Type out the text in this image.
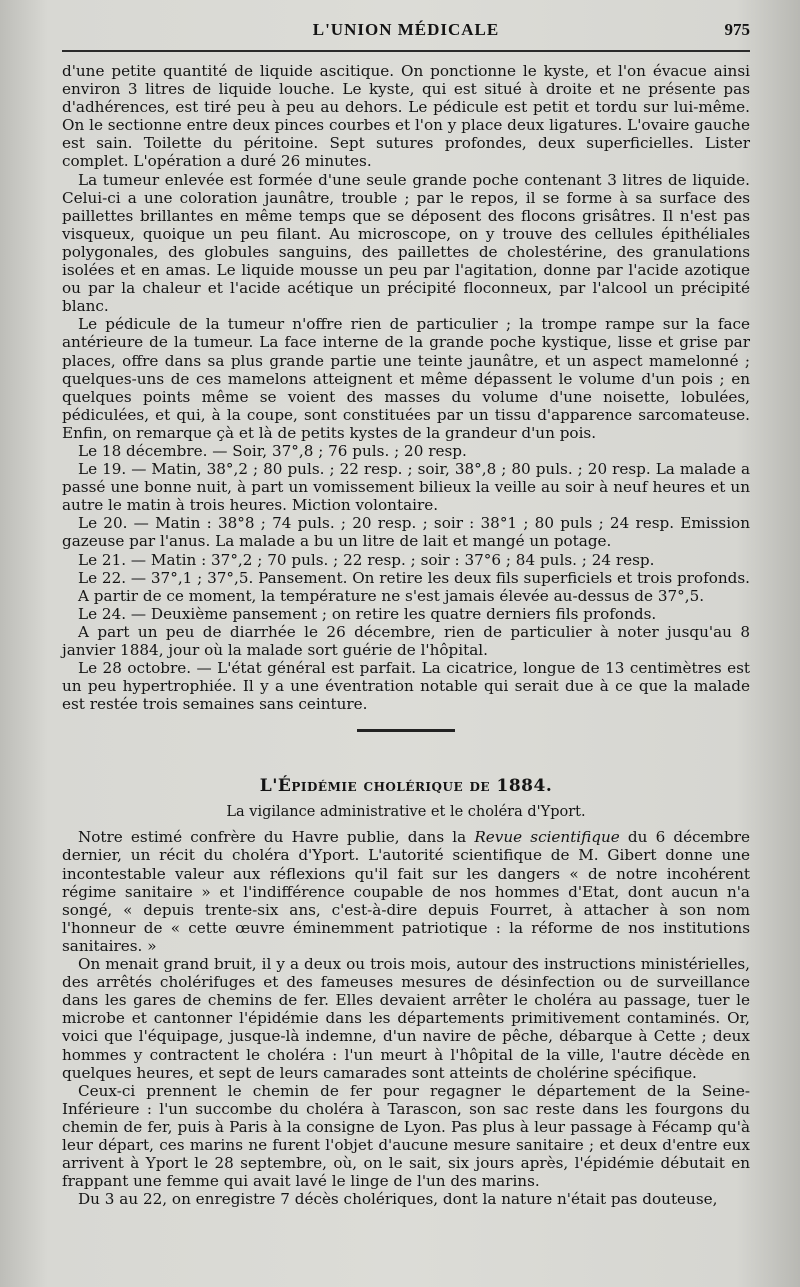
L'UNION MÉDICALE	975

d'une petite quantité de liquide ascitique. On ponctionne le kyste, et l'on évacue ainsi environ 3 litres de liquide louche. Le kyste, qui est situé à droite et ne présente pas d'adhérences, est tiré peu à peu au dehors. Le pédicule est petit et tordu sur lui-même. On le sectionne entre deux pinces courbes et l'on y place deux ligatures. L'ovaire gauche est sain. Toilette du péritoine. Sept sutures profondes, deux superficielles. Lister complet. L'opération a duré 26 minutes.

La tumeur enlevée est formée d'une seule grande poche contenant 3 litres de liquide. Celui-ci a une coloration jaunâtre, trouble ; par le repos, il se forme à sa surface des paillettes brillantes en même temps que se déposent des flocons grisâtres. Il n'est pas visqueux, quoique un peu filant. Au microscope, on y trouve des cellules épithéliales polygonales, des globules sanguins, des paillettes de cholestérine, des granulations isolées et en amas. Le liquide mousse un peu par l'agitation, donne par l'acide azotique ou par la chaleur et l'acide acétique un précipité floconneux, par l'alcool un précipité blanc.

Le pédicule de la tumeur n'offre rien de particulier ; la trompe rampe sur la face antérieure de la tumeur. La face interne de la grande poche kystique, lisse et grise par places, offre dans sa plus grande partie une teinte jaunâtre, et un aspect mamelonné ; quelques-uns de ces mamelons atteignent et même dépassent le volume d'un pois ; en quelques points même se voient des masses du volume d'une noisette, lobulées, pédiculées, et qui, à la coupe, sont constituées par un tissu d'apparence sarcomateuse. Enfin, on remarque çà et là de petits kystes de la grandeur d'un pois.

Le 18 décembre. — Soir, 37°,8 ; 76 puls. ; 20 resp.

Le 19. — Matin, 38°,2 ; 80 puls. ; 22 resp. ; soir, 38°,8 ; 80 puls. ; 20 resp. La malade a passé une bonne nuit, à part un vomissement bilieux la veille au soir à neuf heures et un autre le matin à trois heures. Miction volontaire.

Le 20. — Matin : 38°8 ; 74 puls. ; 20 resp. ; soir : 38°1 ; 80 puls ; 24 resp. Emission gazeuse par l'anus. La malade a bu un litre de lait et mangé un potage.

Le 21. — Matin : 37°,2 ; 70 puls. ; 22 resp. ; soir : 37°6 ; 84 puls. ; 24 resp.

Le 22. — 37°,1 ; 37°,5. Pansement. On retire les deux fils superficiels et trois profonds.

A partir de ce moment, la température ne s'est jamais élevée au-dessus de 37°,5.

Le 24. — Deuxième pansement ; on retire les quatre derniers fils profonds.

A part un peu de diarrhée le 26 décembre, rien de particulier à noter jusqu'au 8 janvier 1884, jour où la malade sort guérie de l'hôpital.

Le 28 octobre. — L'état général est parfait. La cicatrice, longue de 13 centimètres est un peu hypertrophiée. Il y a une éventration notable qui serait due à ce que la malade est restée trois semaines sans ceinture.

L'Épidémie cholérique de 1884.
La vigilance administrative et le choléra d'Yport.

Notre estimé confrère du Havre publie, dans la Revue scientifique du 6 décembre dernier, un récit du choléra d'Yport. L'autorité scientifique de M. Gibert donne une incontestable valeur aux réflexions qu'il fait sur les dangers « de notre incohérent régime sanitaire » et l'indifférence coupable de nos hommes d'Etat, dont aucun n'a songé, « depuis trente-six ans, c'est-à-dire depuis Fourret, à attacher à son nom l'honneur de « cette œuvre éminemment patriotique : la réforme de nos institutions sanitaires. »

On menait grand bruit, il y a deux ou trois mois, autour des instructions ministérielles, des arrêtés cholérifuges et des fameuses mesures de désinfection ou de surveillance dans les gares de chemins de fer. Elles devaient arrêter le choléra au passage, tuer le microbe et cantonner l'épidémie dans les départements primitivement contaminés. Or, voici que l'équipage, jusque-là indemne, d'un navire de pêche, débarque à Cette ; deux hommes y contractent le choléra : l'un meurt à l'hôpital de la ville, l'autre décède en quelques heures, et sept de leurs camarades sont atteints de cholérine spécifique.

Ceux-ci prennent le chemin de fer pour regagner le département de la Seine-Inférieure : l'un succombe du choléra à Tarascon, son sac reste dans les fourgons du chemin de fer, puis à Paris à la consigne de Lyon. Pas plus à leur passage à Fécamp qu'à leur départ, ces marins ne furent l'objet d'aucune mesure sanitaire ; et deux d'entre eux arrivent à Yport le 28 septembre, où, on le sait, six jours après, l'épidémie débutait en frappant une femme qui avait lavé le linge de l'un des marins.

Du 3 au 22, on enregistre 7 décès cholériques, dont la nature n'était pas douteuse,
